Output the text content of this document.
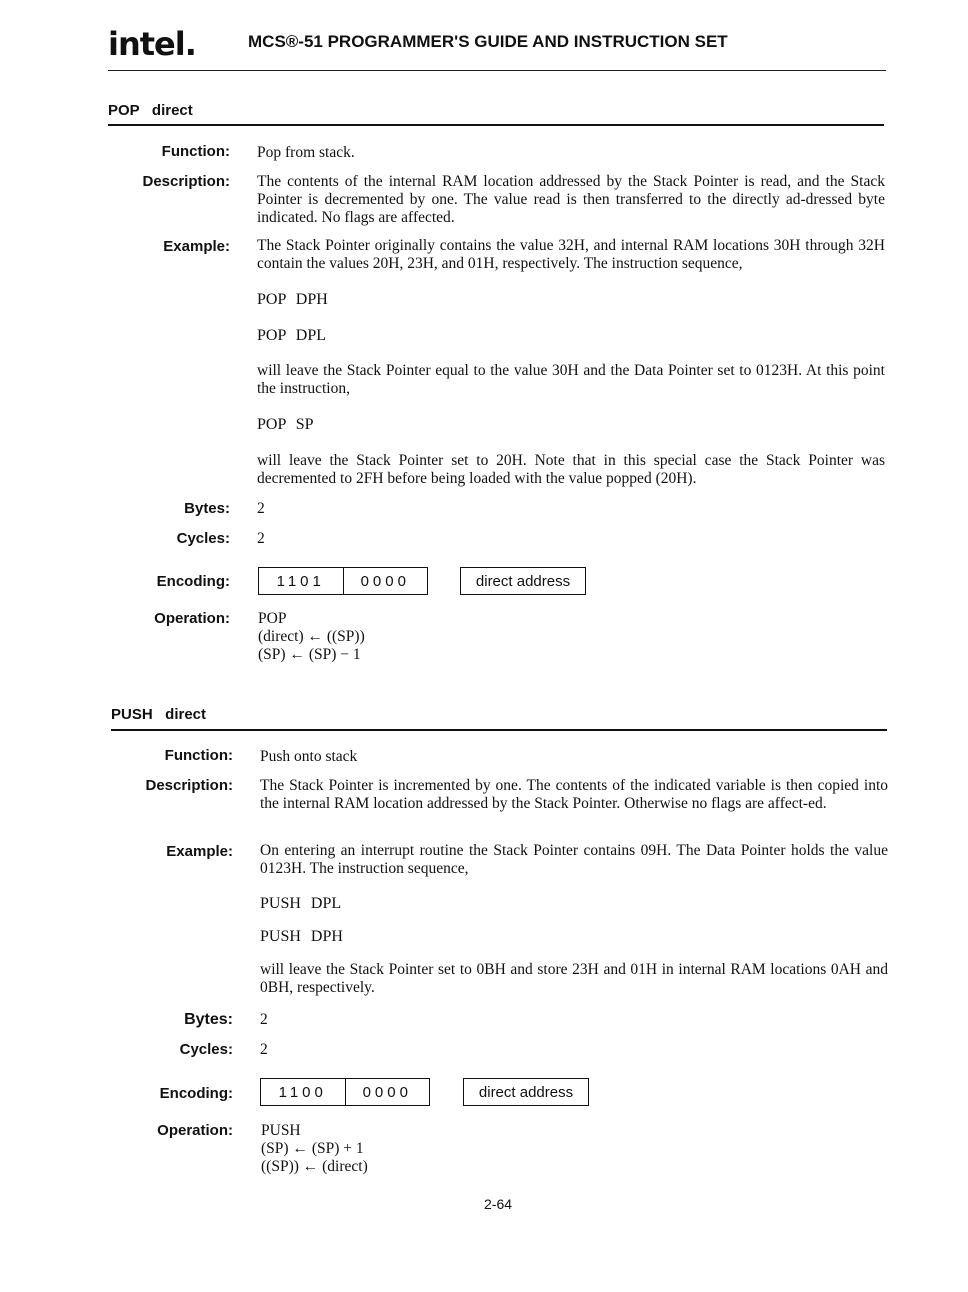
intel.	MCS®-51 PROGRAMMER'S GUIDE AND INSTRUCTION SET
POP   direct
Function: Pop from stack.
Description: The contents of the internal RAM location addressed by the Stack Pointer is read, and the Stack Pointer is decremented by one. The value read is then transferred to the directly ad-dressed byte indicated. No flags are affected.
Example: The Stack Pointer originally contains the value 32H, and internal RAM locations 30H through 32H contain the values 20H, 23H, and 01H, respectively. The instruction sequence,
POP DPH
POP DPL
will leave the Stack Pointer equal to the value 30H and the Data Pointer set to 0123H. At this point the instruction,
POP SP
will leave the Stack Pointer set to 20H. Note that in this special case the Stack Pointer was decremented to 2FH before being loaded with the value popped (20H).
Bytes: 2
Cycles: 2
Encoding:	1101	0000	direct address
Operation: POP
(direct) ← ((SP))
(SP) ← (SP) − 1
PUSH   direct
Function: Push onto stack
Description: The Stack Pointer is incremented by one. The contents of the indicated variable is then copied into the internal RAM location addressed by the Stack Pointer. Otherwise no flags are affect-ed.
Example: On entering an interrupt routine the Stack Pointer contains 09H. The Data Pointer holds the value 0123H. The instruction sequence,
PUSH DPL
PUSH DPH
will leave the Stack Pointer set to 0BH and store 23H and 01H in internal RAM locations 0AH and 0BH, respectively.
Bytes: 2
Cycles: 2
Encoding:	1100	0000	direct address
Operation: PUSH
(SP) ← (SP) + 1
((SP)) ← (direct)
2-64
